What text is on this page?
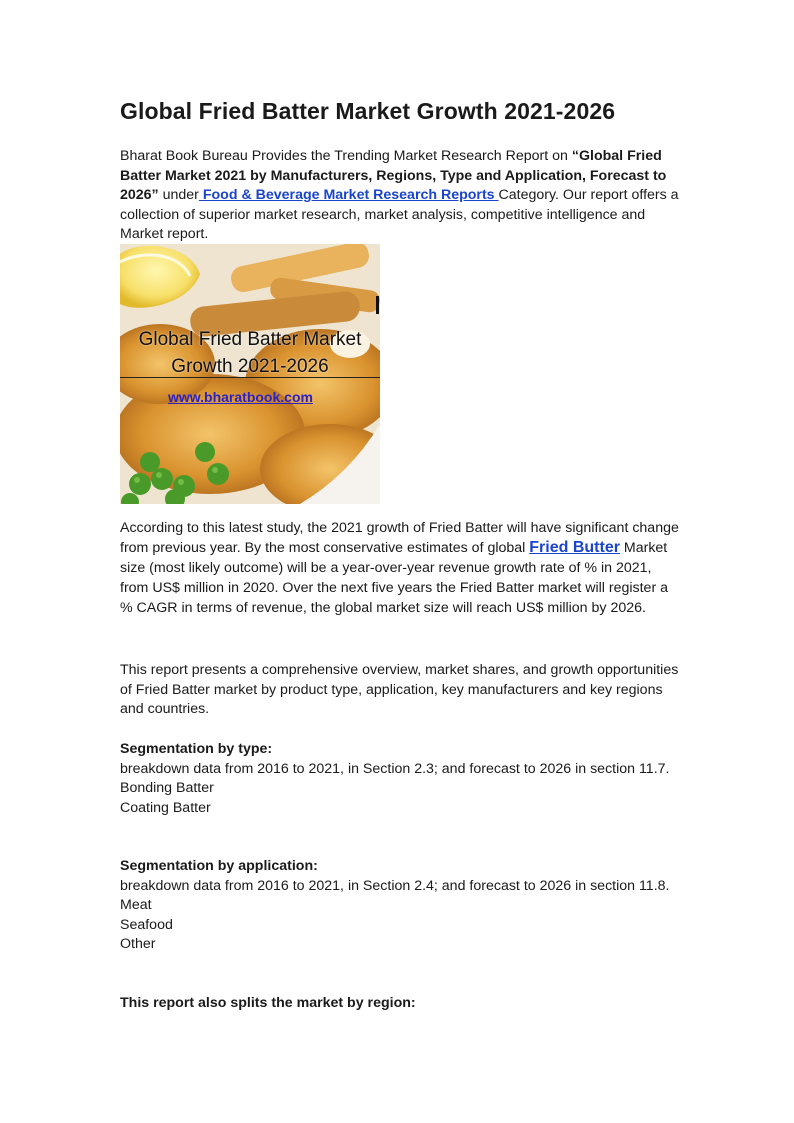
Global Fried Batter Market Growth 2021-2026

Bharat Book Bureau Provides the Trending Market Research Report on “Global Fried Batter Market 2021 by Manufacturers, Regions, Type and Application, Forecast to 2026” under Food & Beverage Market Research Reports Category. Our report offers a collection of superior market research, market analysis, competitive intelligence and Market report.

Global Fried Batter Market
Growth 2021-2026
www.bharatbook.com

According to this latest study, the 2021 growth of Fried Batter will have significant change from previous year. By the most conservative estimates of global Fried Butter Market size (most likely outcome) will be a year-over-year revenue growth rate of % in 2021, from US$ million in 2020. Over the next five years the Fried Batter market will register a % CAGR in terms of revenue, the global market size will reach US$ million by 2026.

This report presents a comprehensive overview, market shares, and growth opportunities of Fried Batter market by product type, application, key manufacturers and key regions and countries.

Segmentation by type:
breakdown data from 2016 to 2021, in Section 2.3; and forecast to 2026 in section 11.7.
Bonding Batter
Coating Batter
Segmentation by application:
breakdown data from 2016 to 2021, in Section 2.4; and forecast to 2026 in section 11.8.
Meat
Seafood
Other
This report also splits the market by region:
